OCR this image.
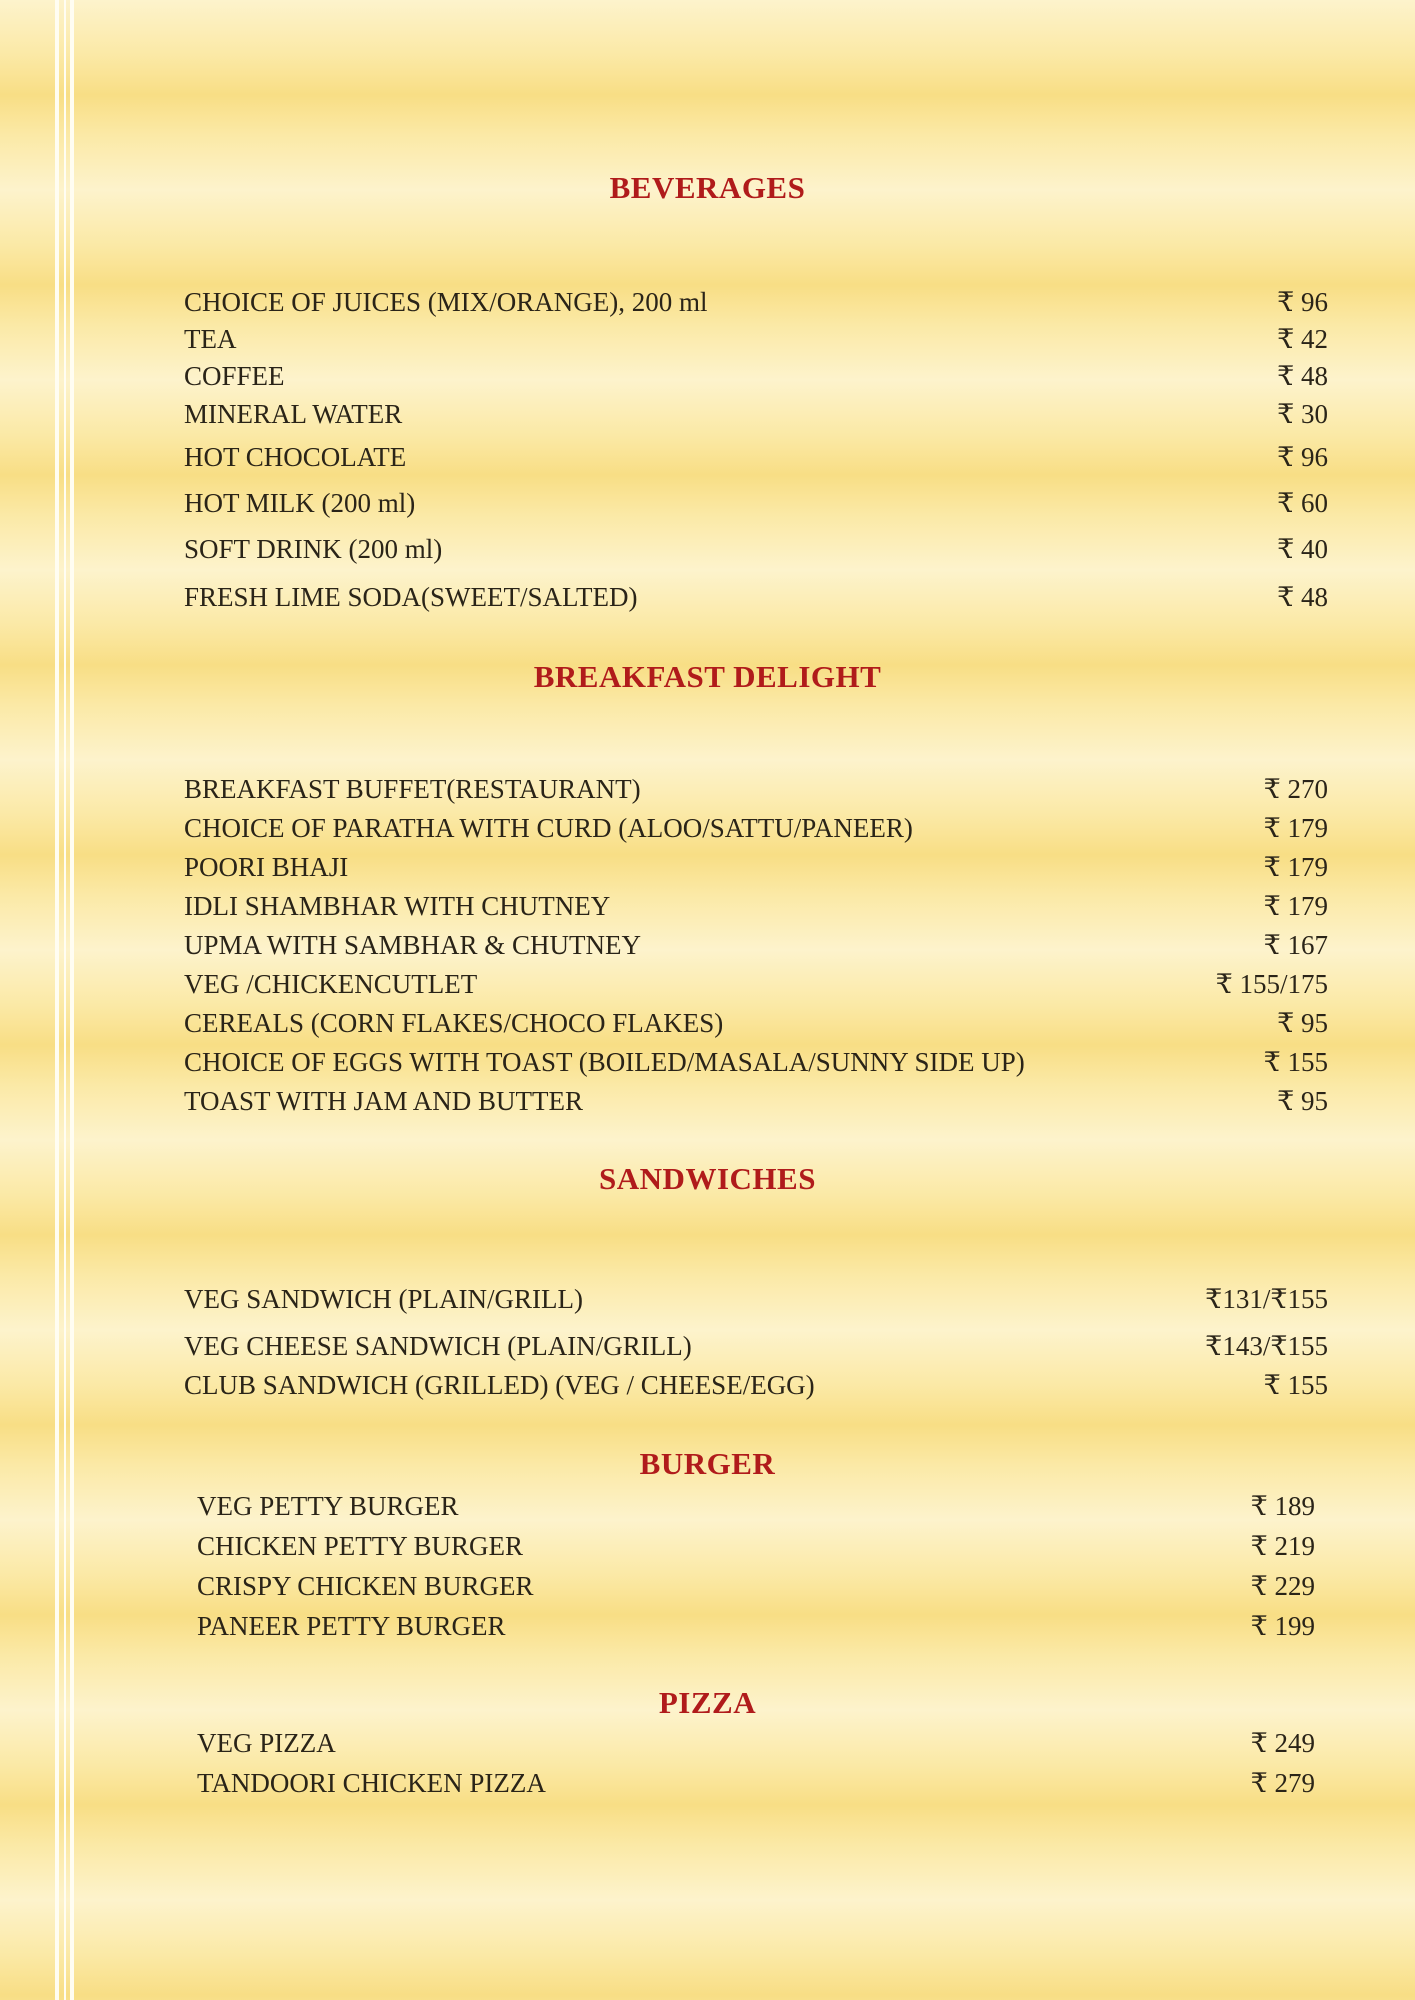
BEVERAGES
CHOICE OF JUICES (MIX/ORANGE), 200 ml	₹ 96
TEA	₹ 42
COFFEE	₹ 48
MINERAL WATER	₹ 30
HOT CHOCOLATE	₹ 96
HOT MILK (200 ml)	₹ 60
SOFT DRINK (200 ml)	₹ 40
FRESH LIME SODA(SWEET/SALTED)	₹ 48
BREAKFAST DELIGHT
BREAKFAST BUFFET(RESTAURANT)	₹ 270
CHOICE OF PARATHA WITH CURD (ALOO/SATTU/PANEER)	₹ 179
POORI BHAJI	₹ 179
IDLI SHAMBHAR WITH CHUTNEY	₹ 179
UPMA WITH SAMBHAR & CHUTNEY	₹ 167
VEG /CHICKENCUTLET	₹ 155/175
CEREALS (CORN FLAKES/CHOCO FLAKES)	₹ 95
CHOICE OF EGGS WITH TOAST (BOILED/MASALA/SUNNY SIDE UP)	₹ 155
TOAST WITH JAM AND BUTTER	₹ 95
SANDWICHES
VEG SANDWICH (PLAIN/GRILL)	₹131/₹155
VEG CHEESE SANDWICH (PLAIN/GRILL)	₹143/₹155
CLUB SANDWICH (GRILLED) (VEG / CHEESE/EGG)	₹ 155
BURGER
VEG PETTY BURGER	₹ 189
CHICKEN PETTY BURGER	₹ 219
CRISPY CHICKEN BURGER	₹ 229
PANEER PETTY BURGER	₹ 199
PIZZA
VEG PIZZA	₹ 249
TANDOORI CHICKEN PIZZA	₹ 279
